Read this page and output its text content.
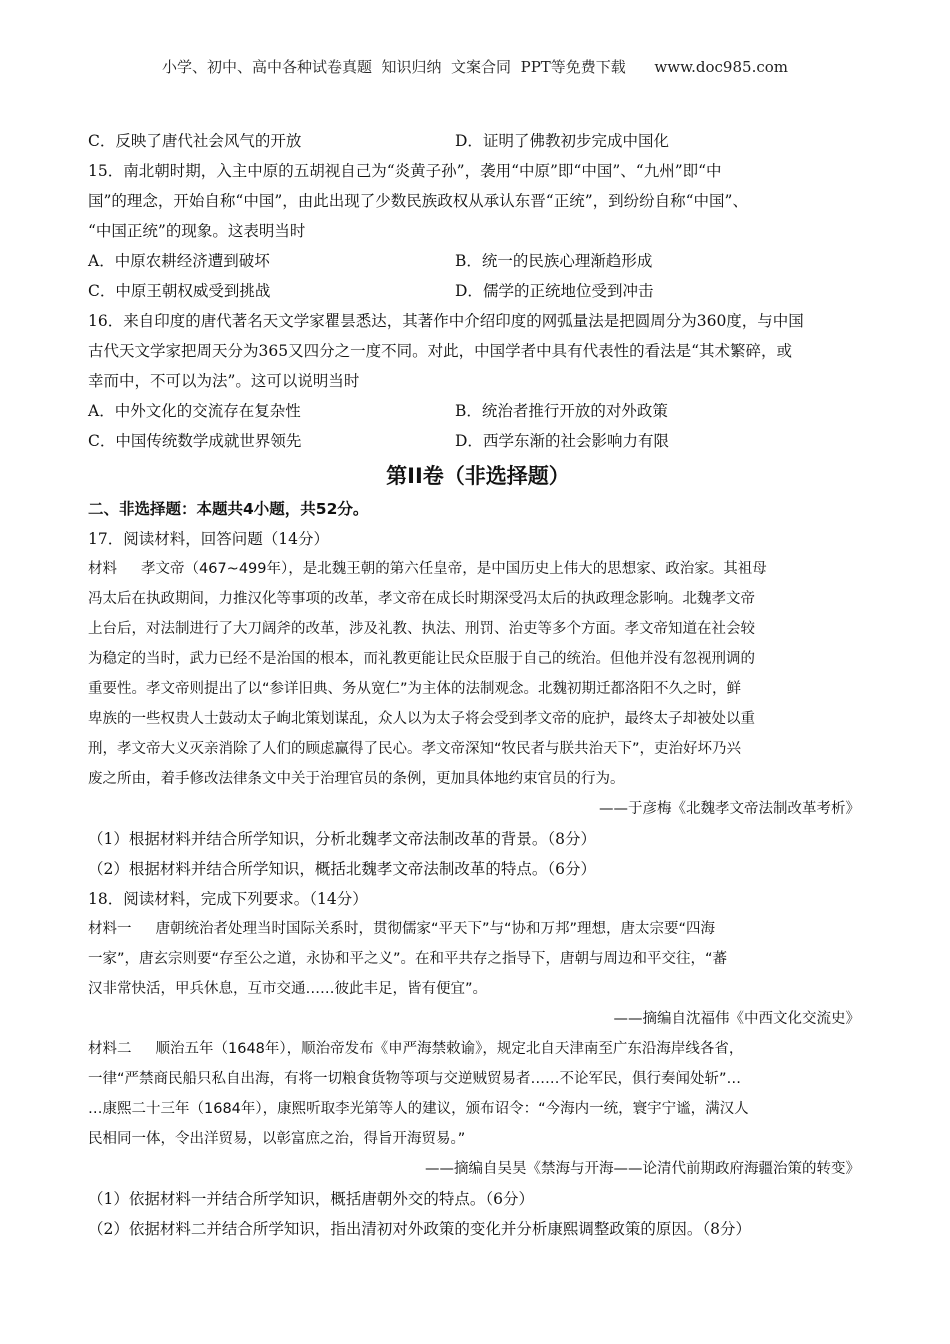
小学、初中、高中各种试卷真题  知识归纳  文案合同  PPT等免费下载      www.doc985.com
C．反映了唐代社会风气的开放	D．证明了佛教初步完成中国化
15．南北朝时期，入主中原的五胡视自己为“炎黄子孙”，袭用“中原”即“中国”、“九州”即“中
国”的理念，开始自称“中国”，由此出现了少数民族政权从承认东晋“正统”，到纷纷自称“中国”、
“中国正统”的现象。这表明当时
A．中原农耕经济遭到破坏	B．统一的民族心理渐趋形成
C．中原王朝权威受到挑战	D．儒学的正统地位受到冲击
16．来自印度的唐代著名天文学家瞿昙悉达，其著作中介绍印度的网弧量法是把圆周分为360度，与中国
古代天文学家把周天分为365又四分之一度不同。对此，中国学者中具有代表性的看法是“其术繁碎，或
幸而中，不可以为法”。这可以说明当时
A．中外文化的交流存在复杂性	B．统治者推行开放的对外政策
C．中国传统数学成就世界领先	D．西学东渐的社会影响力有限
第II卷（非选择题）
二、非选择题：本题共4小题，共52分。
17．阅读材料，回答问题（14分）

材料 孝文帝（467~499年），是北魏王朝的第六任皇帝，是中国历史上伟大的思想家、政治家。其祖母

冯太后在执政期间，力推汉化等事项的改革，孝文帝在成长时期深受冯太后的执政理念影响。北魏孝文帝

上台后，对法制进行了大刀阔斧的改革，涉及礼教、执法、刑罚、治吏等多个方面。孝文帝知道在社会较

为稳定的当时，武力已经不是治国的根本，而礼教更能让民众臣服于自己的统治。但他并没有忽视刑调的

重要性。孝文帝则提出了以“参详旧典、务从宽仁”为主体的法制观念。北魏初期迁都洛阳不久之时，鲜

卑族的一些权贵人士鼓动太子峋北策划谋乱，众人以为太子将会受到孝文帝的庇护，最终太子却被处以重

刑，孝文帝大义灭亲消除了人们的顾虑赢得了民心。孝文帝深知“牧民者与朕共治天下”，吏治好坏乃兴

废之所由，着手修改法律条文中关于治理官员的条例，更加具体地约束官员的行为。

——于彦梅《北魏孝文帝法制改革考析》
（1）根据材料并结合所学知识，分析北魏孝文帝法制改革的背景。（8分）
（2）根据材料并结合所学知识，概括北魏孝文帝法制改革的特点。（6分）
18．阅读材料，完成下列要求。（14分）

材料一 唐朝统治者处理当时国际关系时，贯彻儒家“平天下”与“协和万邦”理想，唐太宗要“四海

一家”，唐玄宗则要“存至公之道，永协和平之义”。在和平共存之指导下，唐朝与周边和平交往，“蕃

汉非常快活，甲兵休息，互市交通……彼此丰足，皆有便宜”。

——摘编自沈福伟《中西文化交流史》

材料二 顺治五年（1648年），顺治帝发布《申严海禁敕谕》，规定北自天津南至广东沿海岸线各省，

一律“严禁商民船只私自出海，有将一切粮食货物等项与交逆贼贸易者……不论军民，俱行奏闻处斩”…

…康熙二十三年（1684年），康熙听取李光第等人的建议，颁布诏令：“今海内一统，寰宇宁谧，满汉人

民相同一体，令出洋贸易，以彰富庶之治，得旨开海贸易。”

——摘编自吴昊《禁海与开海——论清代前期政府海疆治策的转变》
（1）依据材料一并结合所学知识，概括唐朝外交的特点。（6分）
（2）依据材料二并结合所学知识，指出清初对外政策的变化并分析康熙调整政策的原因。（8分）
